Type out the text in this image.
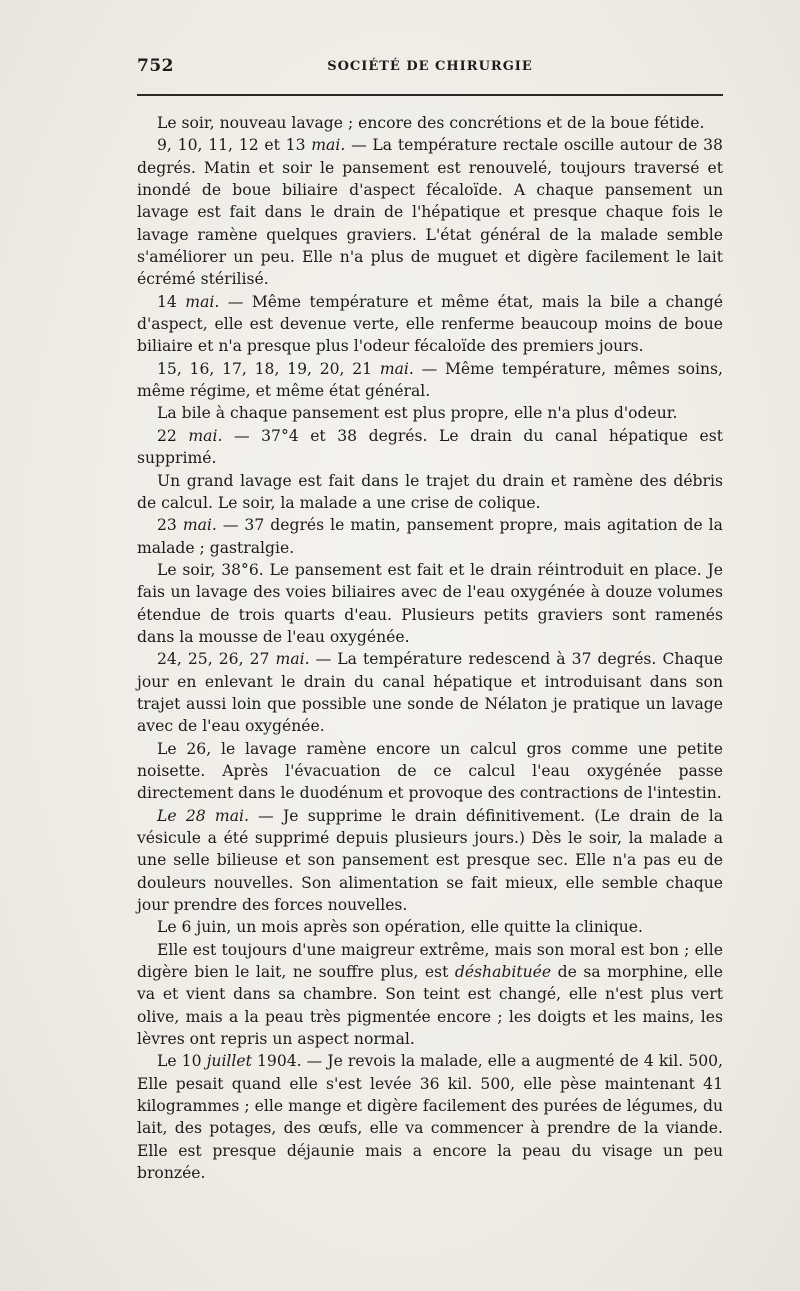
752	SOCIÉTÉ DE CHIRURGIE

Le soir, nouveau lavage ; encore des concrétions et de la boue fétide.

9, 10, 11, 12 et 13 mai. — La température rectale oscille autour de 38 degrés. Matin et soir le pansement est renouvelé, toujours traversé et inondé de boue biliaire d'aspect fécaloïde. A chaque pansement un lavage est fait dans le drain de l'hépatique et presque chaque fois le lavage ramène quelques graviers. L'état général de la malade semble s'améliorer un peu. Elle n'a plus de muguet et digère facilement le lait écrémé stérilisé.

14 mai. — Même température et même état, mais la bile a changé d'aspect, elle est devenue verte, elle renferme beaucoup moins de boue biliaire et n'a presque plus l'odeur fécaloïde des premiers jours.

15, 16, 17, 18, 19, 20, 21 mai. — Même température, mêmes soins, même régime, et même état général.

La bile à chaque pansement est plus propre, elle n'a plus d'odeur.

22 mai. — 37°4 et 38 degrés. Le drain du canal hépatique est supprimé.

Un grand lavage est fait dans le trajet du drain et ramène des débris de calcul. Le soir, la malade a une crise de colique.

23 mai. — 37 degrés le matin, pansement propre, mais agitation de la malade ; gastralgie.

Le soir, 38°6. Le pansement est fait et le drain réintroduit en place. Je fais un lavage des voies biliaires avec de l'eau oxygénée à douze volumes étendue de trois quarts d'eau. Plusieurs petits graviers sont ramenés dans la mousse de l'eau oxygénée.

24, 25, 26, 27 mai. — La température redescend à 37 degrés. Chaque jour en enlevant le drain du canal hépatique et introduisant dans son trajet aussi loin que possible une sonde de Nélaton je pratique un lavage avec de l'eau oxygénée.

Le 26, le lavage ramène encore un calcul gros comme une petite noisette. Après l'évacuation de ce calcul l'eau oxygénée passe directement dans le duodénum et provoque des contractions de l'intestin.

Le 28 mai. — Je supprime le drain définitivement. (Le drain de la vésicule a été supprimé depuis plusieurs jours.) Dès le soir, la malade a une selle bilieuse et son pansement est presque sec. Elle n'a pas eu de douleurs nouvelles. Son alimentation se fait mieux, elle semble chaque jour prendre des forces nouvelles.

Le 6 juin, un mois après son opération, elle quitte la clinique.

Elle est toujours d'une maigreur extrême, mais son moral est bon ; elle digère bien le lait, ne souffre plus, est déshabituée de sa morphine, elle va et vient dans sa chambre. Son teint est changé, elle n'est plus vert olive, mais a la peau très pigmentée encore ; les doigts et les mains, les lèvres ont repris un aspect normal.

Le 10 juillet 1904. — Je revois la malade, elle a augmenté de 4 kil. 500, Elle pesait quand elle s'est levée 36 kil. 500, elle pèse maintenant 41 kilogrammes ; elle mange et digère facilement des purées de légumes, du lait, des potages, des œufs, elle va commencer à prendre de la viande. Elle est presque déjaunie mais a encore la peau du visage un peu bronzée.
